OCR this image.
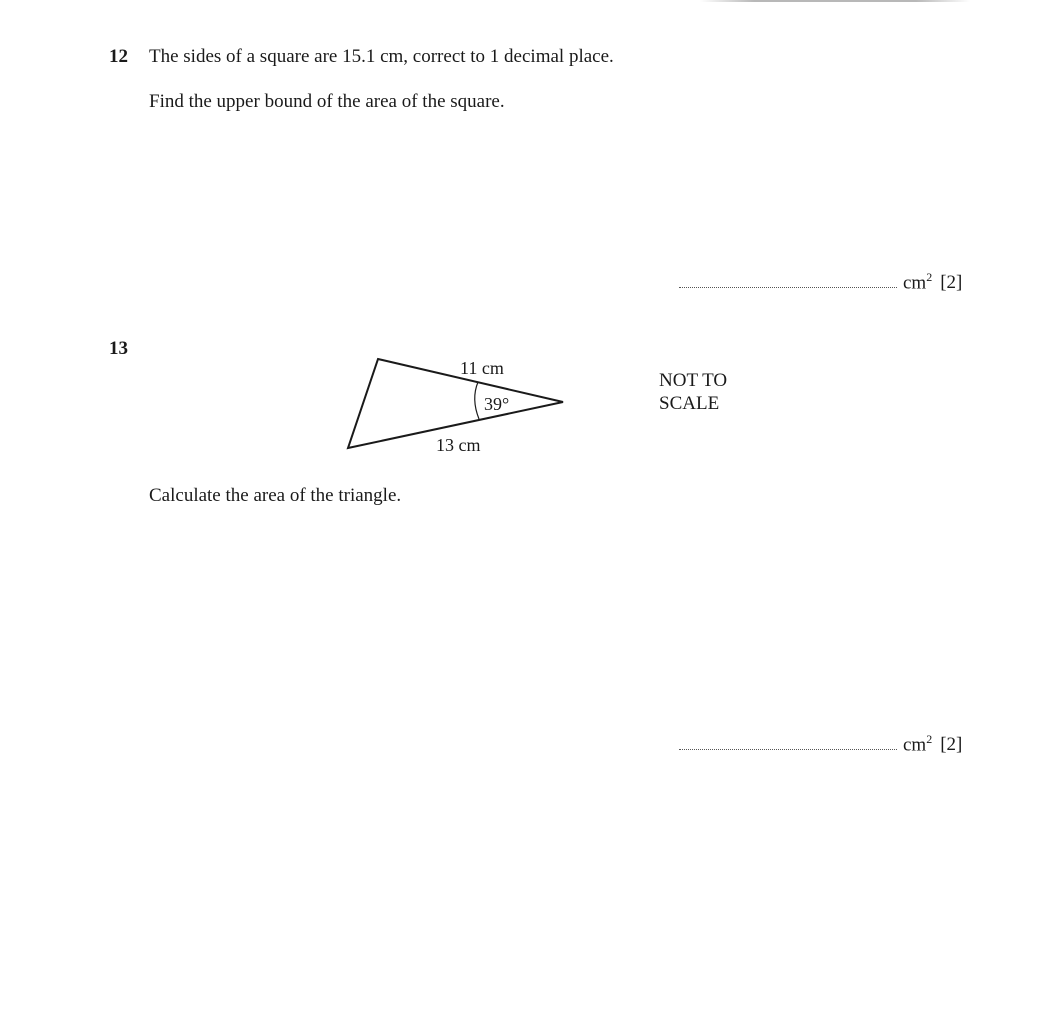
12 The sides of a square are 15.1 cm, correct to 1 decimal place.
Find the upper bound of the area of the square.
$cm^2$ [2]
13
11 cm
39°
13 cm
NOT TO
SCALE
Calculate the area of the triangle.
$cm^2$ [2]
